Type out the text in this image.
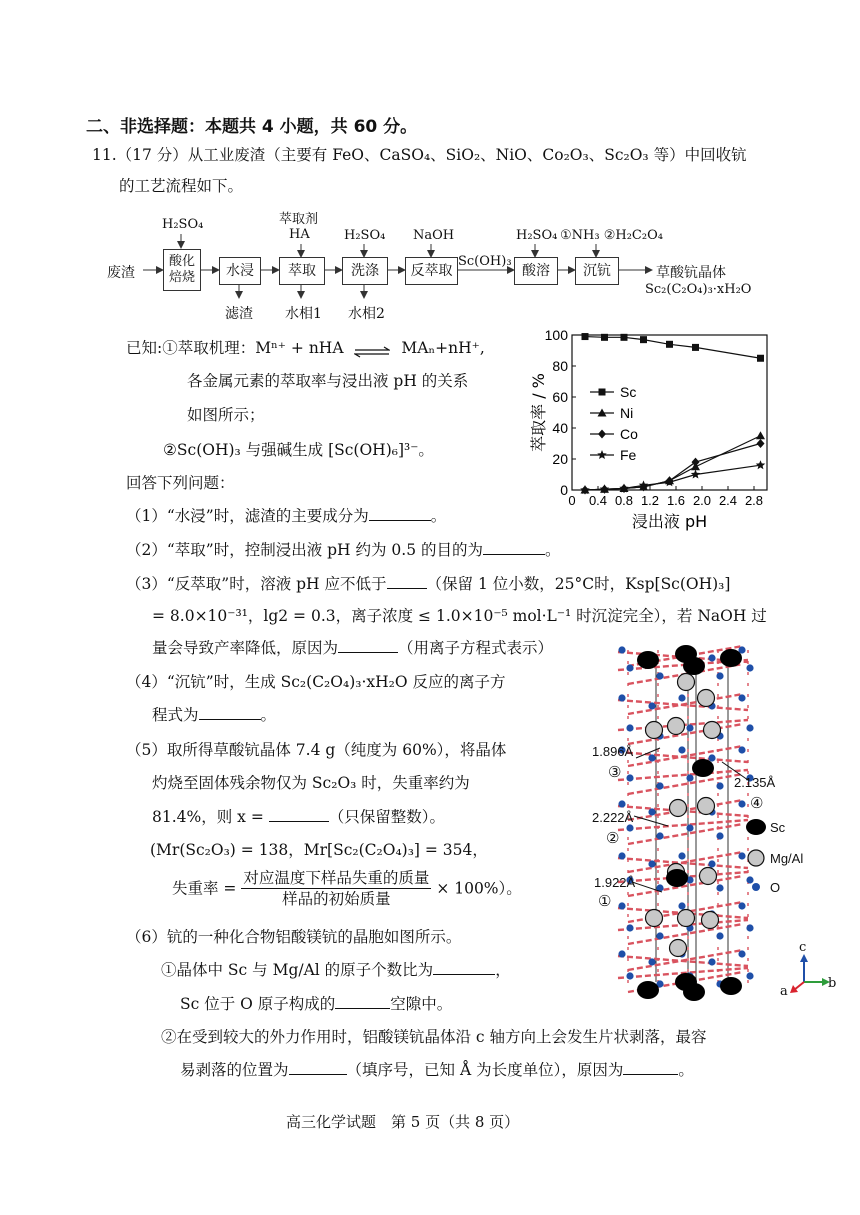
二、非选择题：本题共 4 小题，共 60 分。
11.（17 分）从工业废渣（主要有 FeO、CaSO₄、SiO₂、NiO、Co₂O₃、Sc₂O₃ 等）中回收钪
的工艺流程如下。
废渣
酸化焙烧	水浸	萃取	洗涤	反萃取	酸溶	沉钪
H₂SO₄	萃取剂
HA	H₂SO₄ NaOH	H₂SO₄ ①NH₃ ②H₂C₂O₄
Sc(OH)₃
草酸钪晶体
Sc₂(C₂O₄)₃·xH₂O
滤渣 水相1 水相2
已知:①萃取机理：Mⁿ⁺ + nHA ⇌ MAₙ+nH⁺,
各金属元素的萃取率与浸出液 pH 的关系
如图所示；
②Sc(OH)₃ 与强碱生成 [Sc(OH)₆]³⁻。
回答下列问题：	0
20
40
60
80
100
0 0.4 0.8 1.2 1.6 2.0 2.4 2.8
浸出液 pH
萃取率 / %	Sc
Ni
Co
Fe
（1）“水浸”时，滤渣的主要成分为	。
（2）“萃取”时，控制浸出液 pH 约为 0.5 的目的为	。
（3）“反萃取”时，溶液 pH 应不低于	（保留 1 位小数，25°C时，Ksp[Sc(OH)₃]
= 8.0×10⁻³¹，lg2 = 0.3，离子浓度 ≤ 1.0×10⁻⁵ mol·L⁻¹ 时沉淀完全），若 NaOH 过
量会导致产率降低，原因为	（用离子方程式表示）
（4）“沉钪”时，生成 Sc₂(C₂O₄)₃·xH₂O 反应的离子方
程式为	。
（5）取所得草酸钪晶体 7.4 g（纯度为 60%），将晶体
灼烧至固体残余物仅为 Sc₂O₃ 时，失重率约为
81.4%，则 x =	（只保留整数）。
(Mr(Sc₂O₃) = 138，Mr[Sc₂(C₂O₄)₃] = 354，
失重率 = $\frac{\text{对应温度下样品失重的质量}}{\text{样品的初始质量}} \times 100\%$）。
（6）钪的一种化合物铝酸镁钪的晶胞如图所示。
①晶体中 Sc 与 Mg/Al 的原子个数比为	，
Sc 位于 O 原子构成的	空隙中。
②在受到较大的外力作用时，铝酸镁钪晶体沿 c 轴方向上会发生片状剥落，最容
易剥落的位置为	（填序号，已知 Å 为长度单位），原因为	。
1.896Å
③
2.135Å
④
2.222Å
②
1.922Å
①
Sc
Mg/Al
O
c
a
b
高三化学试题　第 5 页（共 8 页）
